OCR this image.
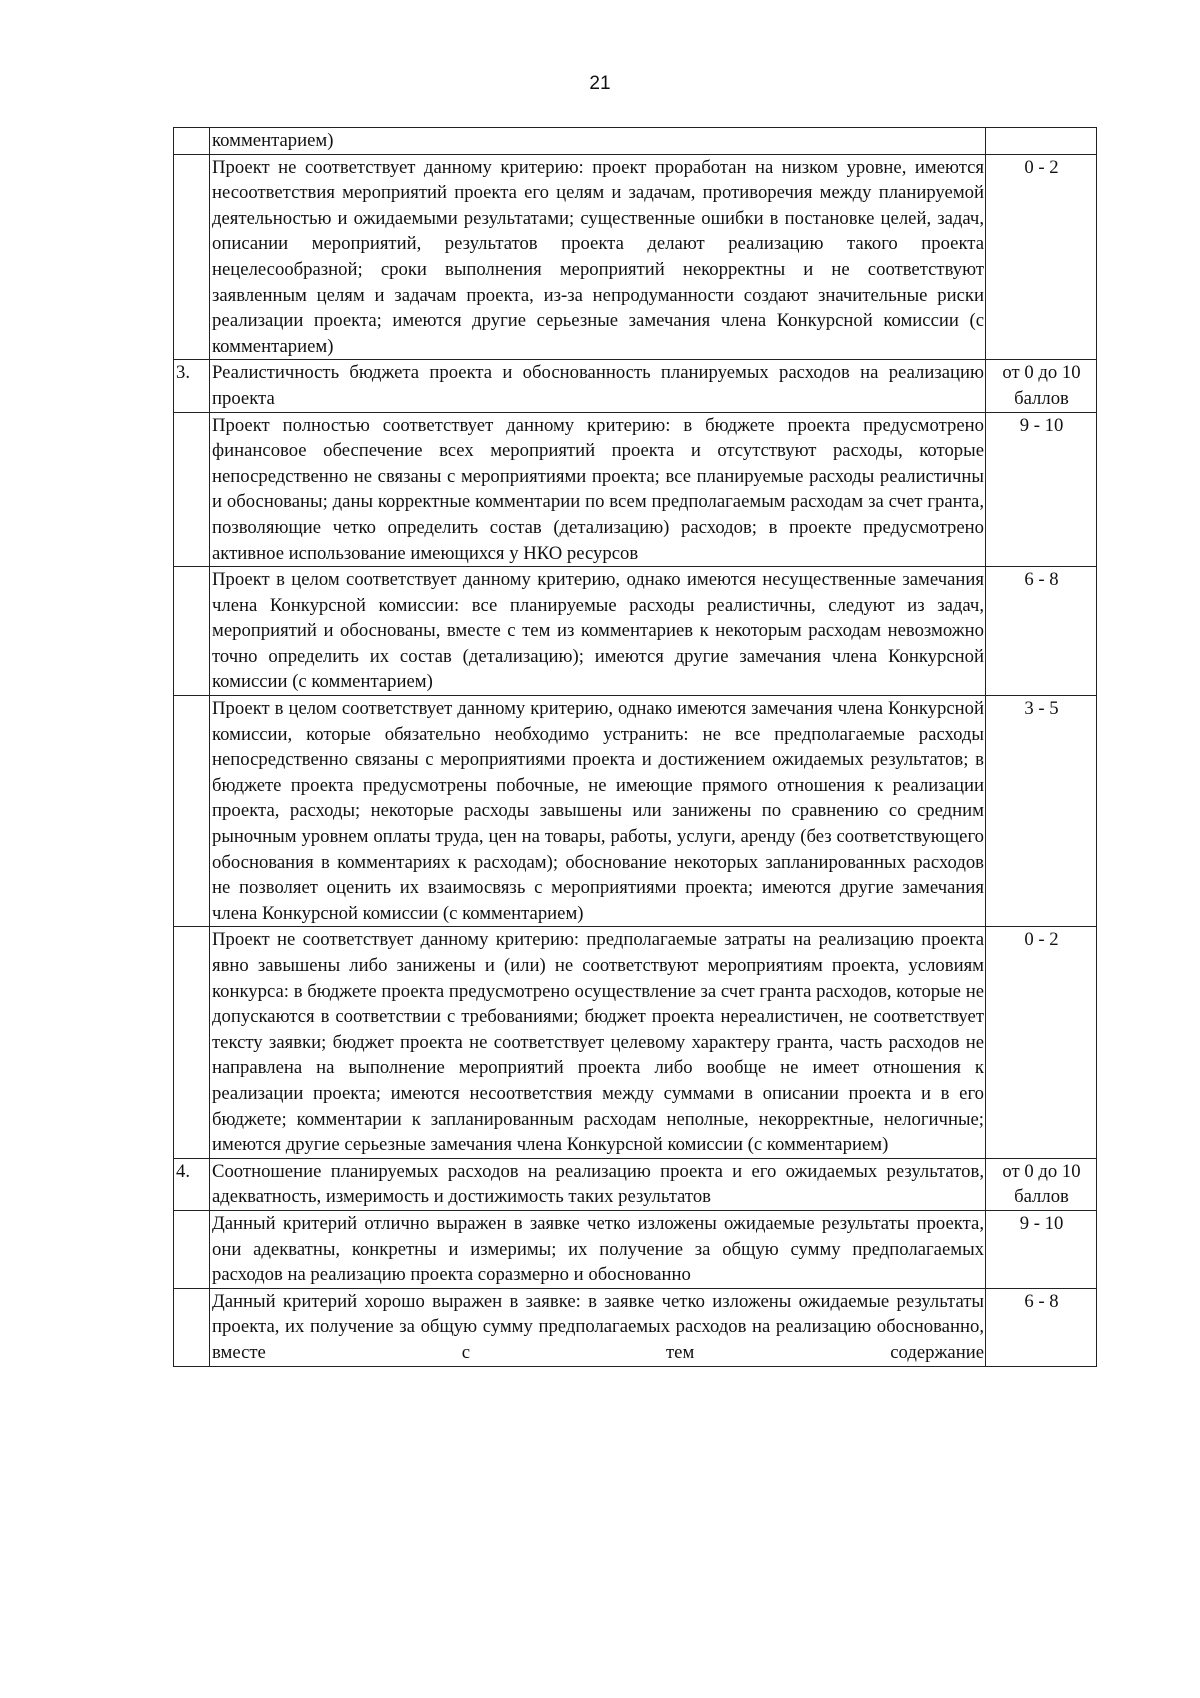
21
	комментарием)	
	Проект не соответствует данному критерию: проект проработан на низком уровне, имеются несоответствия мероприятий проекта его целям и задачам, противоречия между планируемой деятельностью и ожидаемыми результатами; существенные ошибки в постановке целей, задач, описании мероприятий, результатов проекта делают реализацию такого проекта нецелесообразной; сроки выполнения мероприятий некорректны и не соответствуют заявленным целям и задачам проекта, из-за непродуманности создают значительные риски реализации проекта; имеются другие серьезные замечания члена Конкурсной комиссии (с комментарием)	0 - 2
3.	Реалистичность бюджета проекта и обоснованность планируемых расходов на реализацию проекта	от 0 до 10 баллов
	Проект полностью соответствует данному критерию: в бюджете проекта предусмотрено финансовое обеспечение всех мероприятий проекта и отсутствуют расходы, которые непосредственно не связаны с мероприятиями проекта; все планируемые расходы реалистичны и обоснованы; даны корректные комментарии по всем предполагаемым расходам за счет гранта, позволяющие четко определить состав (детализацию) расходов; в проекте предусмотрено активное использование имеющихся у НКО ресурсов	9 - 10
	Проект в целом соответствует данному критерию, однако имеются несущественные замечания члена Конкурсной комиссии: все планируемые расходы реалистичны, следуют из задач, мероприятий и обоснованы, вместе с тем из комментариев к некоторым расходам невозможно точно определить их состав (детализацию); имеются другие замечания члена Конкурсной комиссии (с комментарием)	6 - 8
	Проект в целом соответствует данному критерию, однако имеются замечания члена Конкурсной комиссии, которые обязательно необходимо устранить: не все предполагаемые расходы непосредственно связаны с мероприятиями проекта и достижением ожидаемых результатов; в бюджете проекта предусмотрены побочные, не имеющие прямого отношения к реализации проекта, расходы; некоторые расходы завышены или занижены по сравнению со средним рыночным уровнем оплаты труда, цен на товары, работы, услуги, аренду (без соответствующего обоснования в комментариях к расходам); обоснование некоторых запланированных расходов не позволяет оценить их взаимосвязь с мероприятиями проекта; имеются другие замечания члена Конкурсной комиссии (с комментарием)	3 - 5
	Проект не соответствует данному критерию: предполагаемые затраты на реализацию проекта явно завышены либо занижены и (или) не соответствуют мероприятиям проекта, условиям конкурса: в бюджете проекта предусмотрено осуществление за счет гранта расходов, которые не допускаются в соответствии с требованиями; бюджет проекта нереалистичен, не соответствует тексту заявки; бюджет проекта не соответствует целевому характеру гранта, часть расходов не направлена на выполнение мероприятий проекта либо вообще не имеет отношения к реализации проекта; имеются несоответствия между суммами в описании проекта и в его бюджете; комментарии к запланированным расходам неполные, некорректные, нелогичные; имеются другие серьезные замечания члена Конкурсной комиссии (с комментарием)	0 - 2
4.	Соотношение планируемых расходов на реализацию проекта и его ожидаемых результатов, адекватность, измеримость и достижимость таких результатов	от 0 до 10 баллов
	Данный критерий отлично выражен в заявке четко изложены ожидаемые результаты проекта, они адекватны, конкретны и измеримы; их получение за общую сумму предполагаемых расходов на реализацию проекта соразмерно и обоснованно	9 - 10
	Данный критерий хорошо выражен в заявке: в заявке четко изложены ожидаемые результаты проекта, их получение за общую сумму предполагаемых расходов на реализацию обоснованно, вместе с тем содержание	6 - 8
